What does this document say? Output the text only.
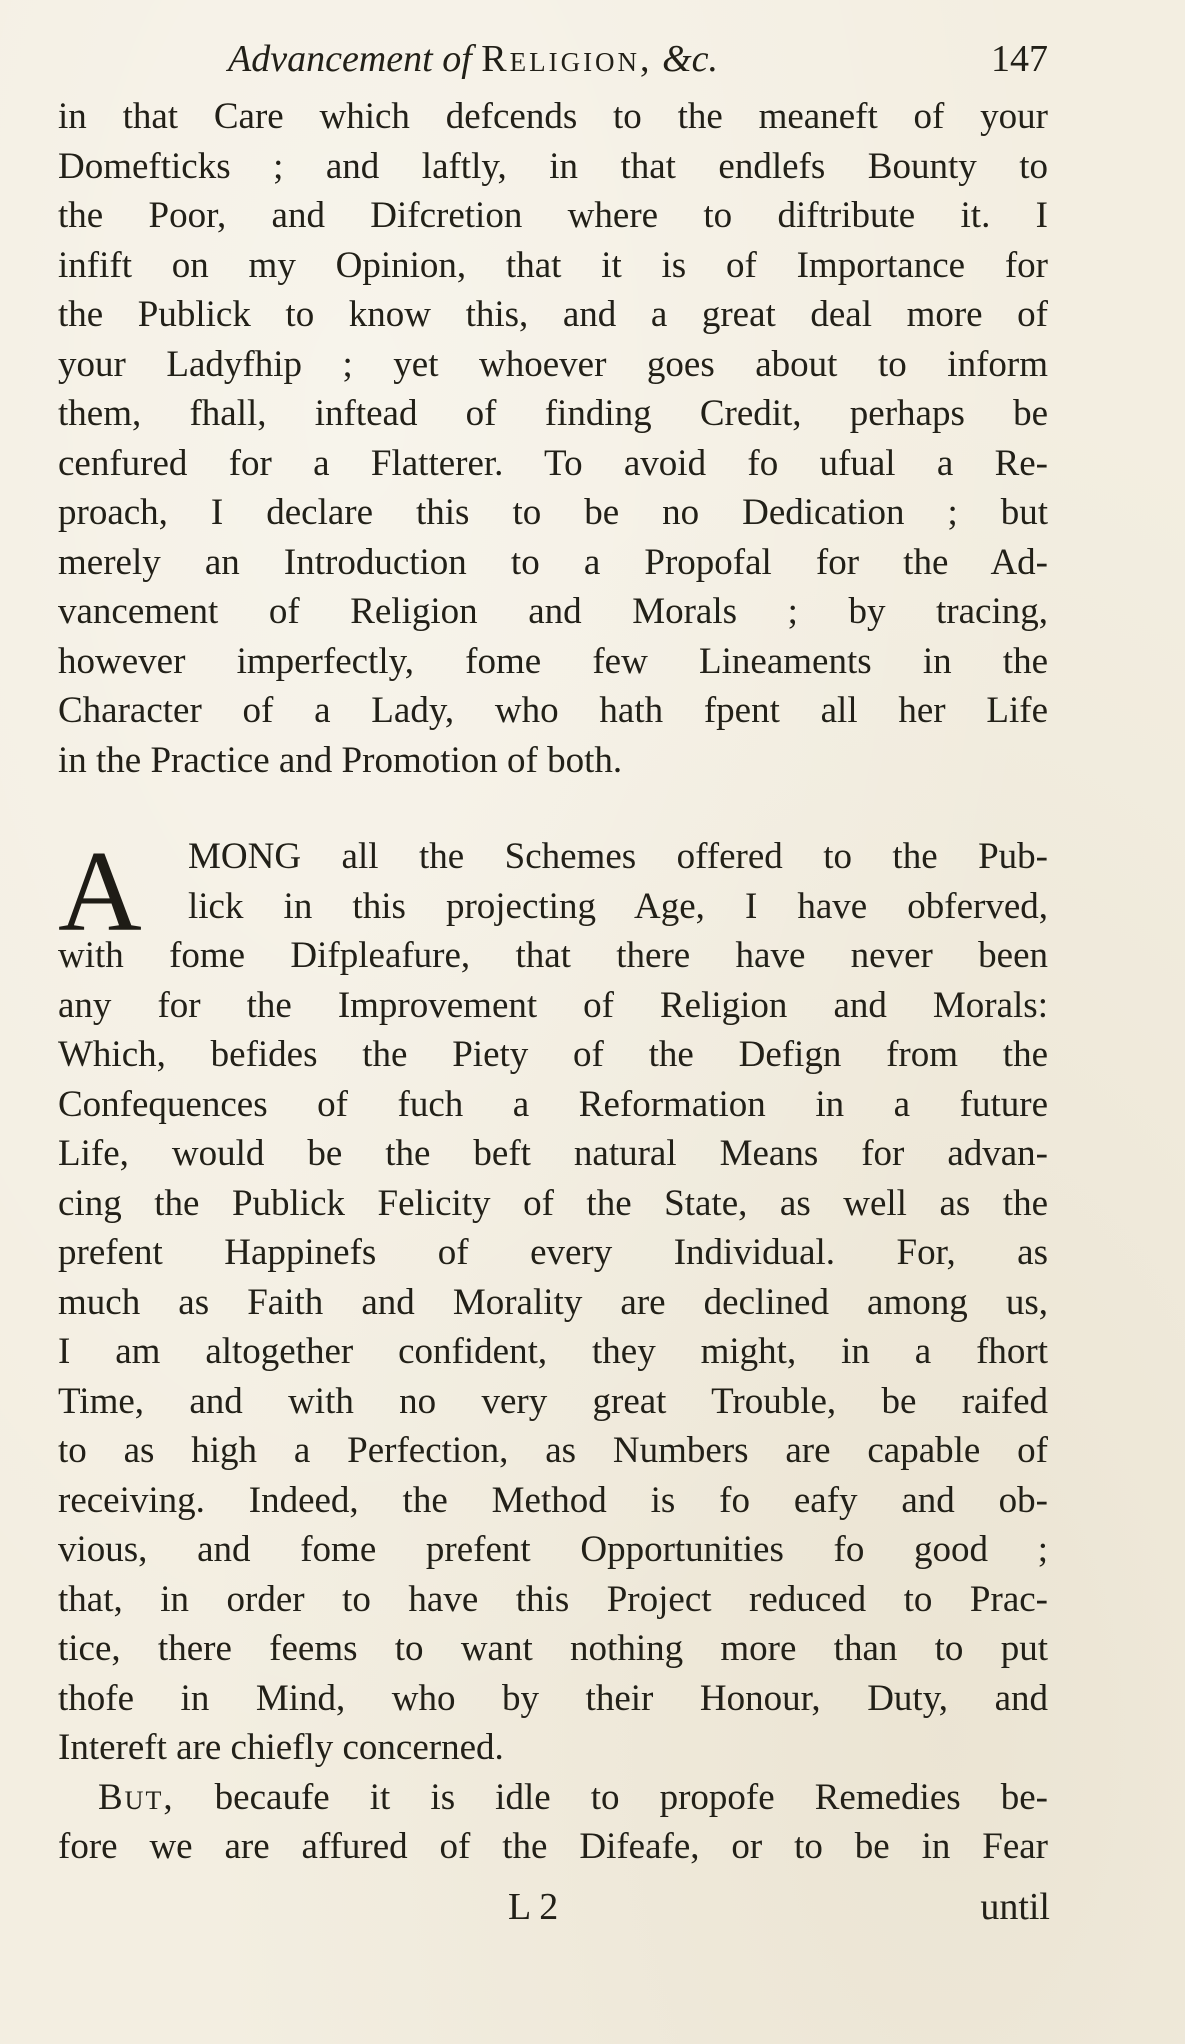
Advancement of Religion, &c.	147
in that Care which defcends to the meaneft of your
Domefticks ; and laftly, in that endlefs Bounty to
the Poor, and Difcretion where to diftribute it. I
infift on my Opinion, that it is of Importance for
the Publick to know this, and a great deal more of
your Ladyfhip ; yet whoever goes about to inform
them, fhall, inftead of finding Credit, perhaps be
cenfured for a Flatterer. To avoid fo ufual a Re-
proach, I declare this to be no Dedication ; but
merely an Introduction to a Propofal for the Ad-
vancement of Religion and Morals ; by tracing,
however imperfectly, fome few Lineaments in the
Character of a Lady, who hath fpent all her Life
in the Practice and Promotion of both.
A	MONG all the Schemes offered to the Pub-
lick in this projecting Age, I have obferved,
with fome Difpleafure, that there have never been
any for the Improvement of Religion and Morals:
Which, befides the Piety of the Defign from the
Confequences of fuch a Reformation in a future
Life, would be the beft natural Means for advan-
cing the Publick Felicity of the State, as well as the
prefent Happinefs of every Individual. For, as
much as Faith and Morality are declined among us,
I am altogether confident, they might, in a fhort
Time, and with no very great Trouble, be raifed
to as high a Perfection, as Numbers are capable of
receiving. Indeed, the Method is fo eafy and ob-
vious, and fome prefent Opportunities fo good ;
that, in order to have this Project reduced to Prac-
tice, there feems to want nothing more than to put
thofe in Mind, who by their Honour, Duty, and
Intereft are chiefly concerned.
But, becaufe it is idle to propofe Remedies be-
fore we are affured of the Difeafe, or to be in Fear
L 2	until
